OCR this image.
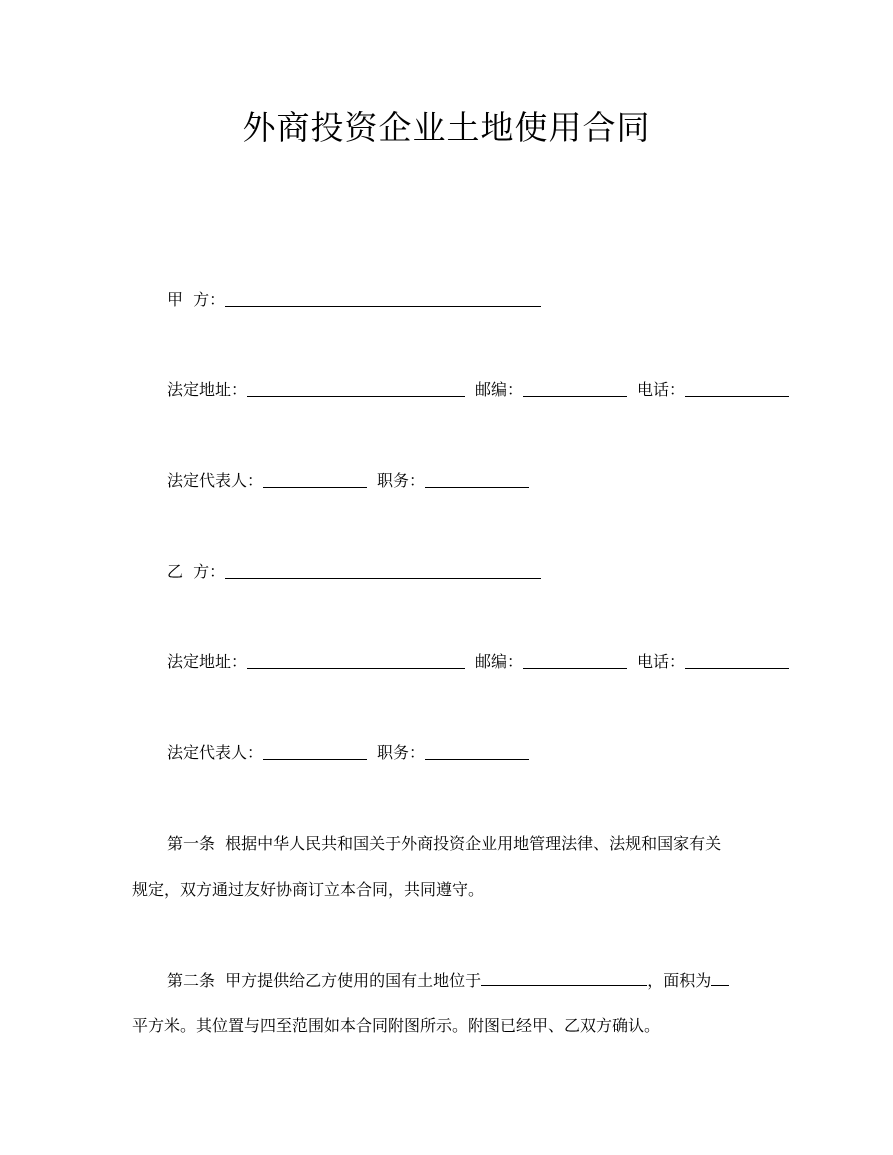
外商投资企业土地使用合同
甲  方：
法定地址：	邮编：	电话：
法定代表人：	职务：
乙  方：
法定地址：	邮编：	电话：
法定代表人：	职务：
第一条  根据中华人民共和国关于外商投资企业用地管理法律、法规和国家有关
规定，双方通过友好协商订立本合同，共同遵守。
第二条  甲方提供给乙方使用的国有土地位于	，面积为
平方米。其位置与四至范围如本合同附图所示。附图已经甲、乙双方确认。
